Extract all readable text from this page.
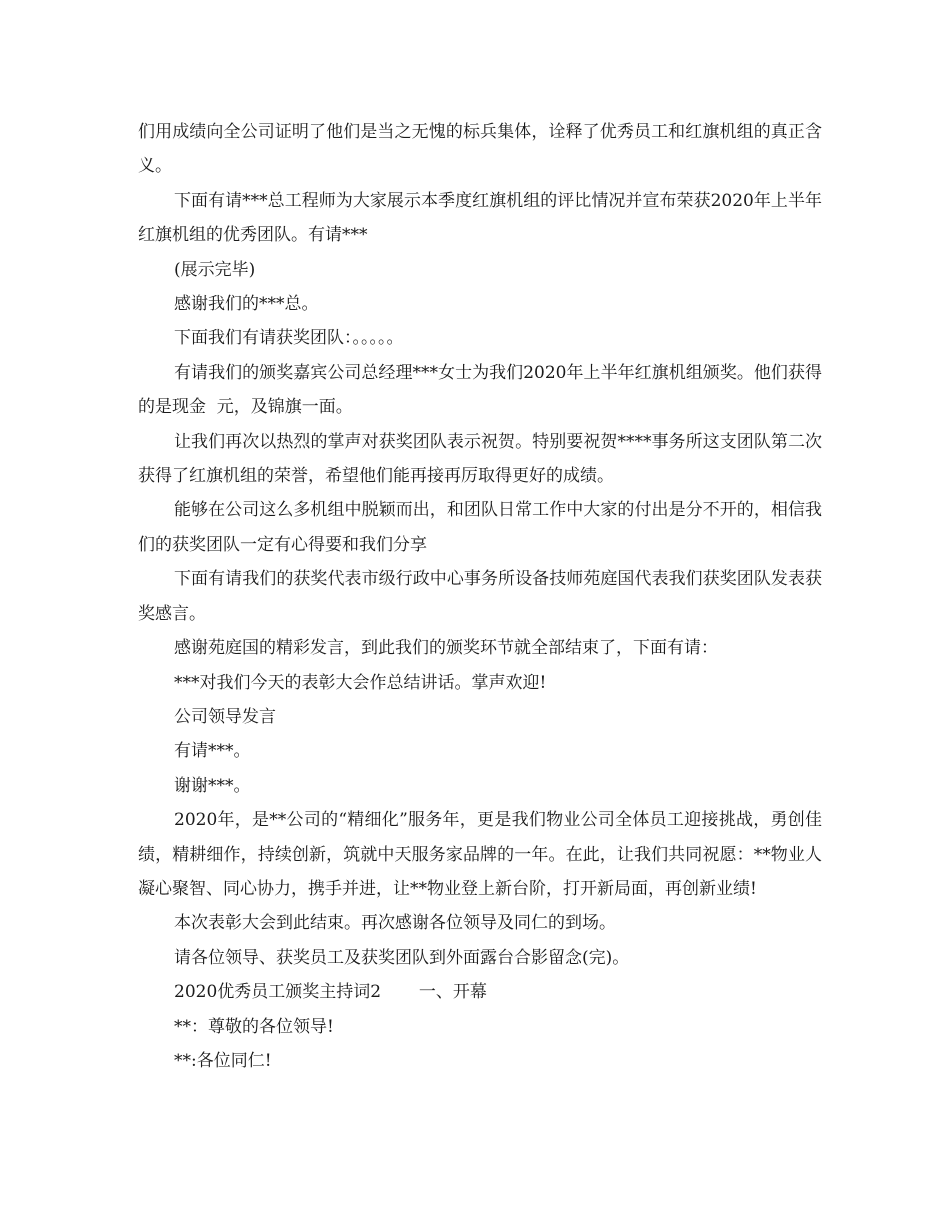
们用成绩向全公司证明了他们是当之无愧的标兵集体，诠释了优秀员工和红旗机组的真正含义。

下面有请***总工程师为大家展示本季度红旗机组的评比情况并宣布荣获2020年上半年红旗机组的优秀团队。有请***

(展示完毕)

感谢我们的***总。

下面我们有请获奖团队：。。。。。

有请我们的颁奖嘉宾公司总经理***女士为我们2020年上半年红旗机组颁奖。他们获得的是现金  元，及锦旗一面。

让我们再次以热烈的掌声对获奖团队表示祝贺。特别要祝贺****事务所这支团队第二次获得了红旗机组的荣誉，希望他们能再接再厉取得更好的成绩。

能够在公司这么多机组中脱颖而出，和团队日常工作中大家的付出是分不开的，相信我们的获奖团队一定有心得要和我们分享

下面有请我们的获奖代表市级行政中心事务所设备技师苑庭国代表我们获奖团队发表获奖感言。

感谢苑庭国的精彩发言，到此我们的颁奖环节就全部结束了，下面有请：

***对我们今天的表彰大会作总结讲话。掌声欢迎!

公司领导发言

有请***。

谢谢***。

2020年，是**公司的“精细化”服务年，更是我们物业公司全体员工迎接挑战，勇创佳绩，精耕细作，持续创新，筑就中天服务家品牌的一年。在此，让我们共同祝愿：**物业人凝心聚智、同心协力，携手并进，让**物业登上新台阶，打开新局面，再创新业绩!

本次表彰大会到此结束。再次感谢各位领导及同仁的到场。

请各位领导、获奖员工及获奖团队到外面露台合影留念(完)。

2020优秀员工颁奖主持词2       一、开幕

**：尊敬的各位领导!

**:各位同仁!
